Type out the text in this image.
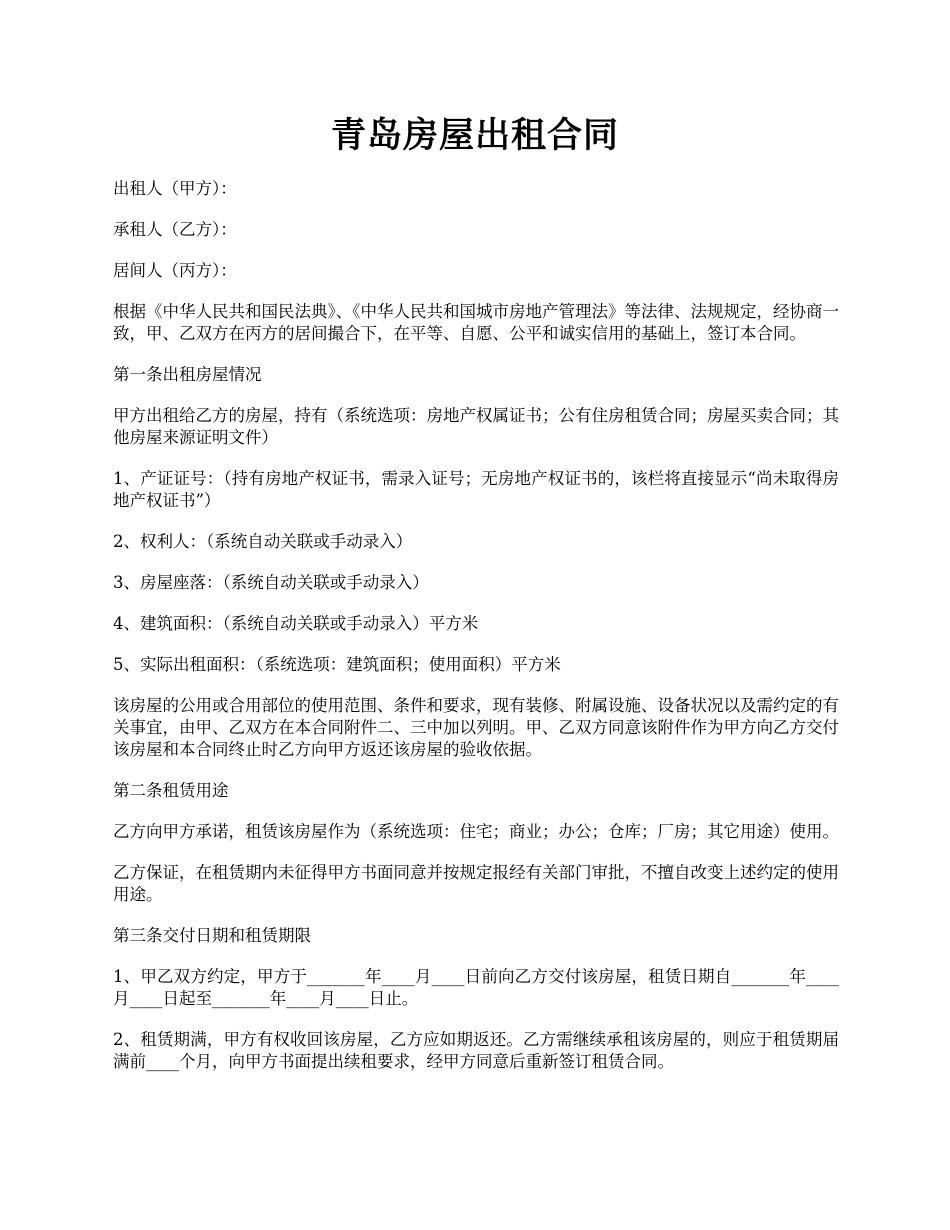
青岛房屋出租合同

出租人（甲方）：

承租人（乙方）：

居间人（丙方）：

根据《中华人民共和国民法典》、《中华人民共和国城市房地产管理法》等法律、法规规定，经协商一致，甲、乙双方在丙方的居间撮合下，在平等、自愿、公平和诚实信用的基础上，签订本合同。

第一条出租房屋情况

甲方出租给乙方的房屋，持有（系统选项：房地产权属证书；公有住房租赁合同；房屋买卖合同；其他房屋来源证明文件）

1、产证证号：（持有房地产权证书，需录入证号；无房地产权证书的，该栏将直接显示“尚未取得房地产权证书”）

2、权利人：（系统自动关联或手动录入）

3、房屋座落：（系统自动关联或手动录入）

4、建筑面积：（系统自动关联或手动录入）平方米

5、实际出租面积：（系统选项：建筑面积；使用面积）平方米

该房屋的公用或合用部位的使用范围、条件和要求，现有装修、附属设施、设备状况以及需约定的有关事宜，由甲、乙双方在本合同附件二、三中加以列明。甲、乙双方同意该附件作为甲方向乙方交付该房屋和本合同终止时乙方向甲方返还该房屋的验收依据。

第二条租赁用途

乙方向甲方承诺，租赁该房屋作为（系统选项：住宅；商业；办公；仓库；厂房；其它用途）使用。

乙方保证，在租赁期内未征得甲方书面同意并按规定报经有关部门审批，不擅自改变上述约定的使用用途。

第三条交付日期和租赁期限

1、甲乙双方约定，甲方于_______年____月____日前向乙方交付该房屋，租赁日期自_______年____月____日起至_______年____月____日止。

2、租赁期满，甲方有权收回该房屋，乙方应如期返还。乙方需继续承租该房屋的，则应于租赁期届满前____个月，向甲方书面提出续租要求，经甲方同意后重新签订租赁合同。
